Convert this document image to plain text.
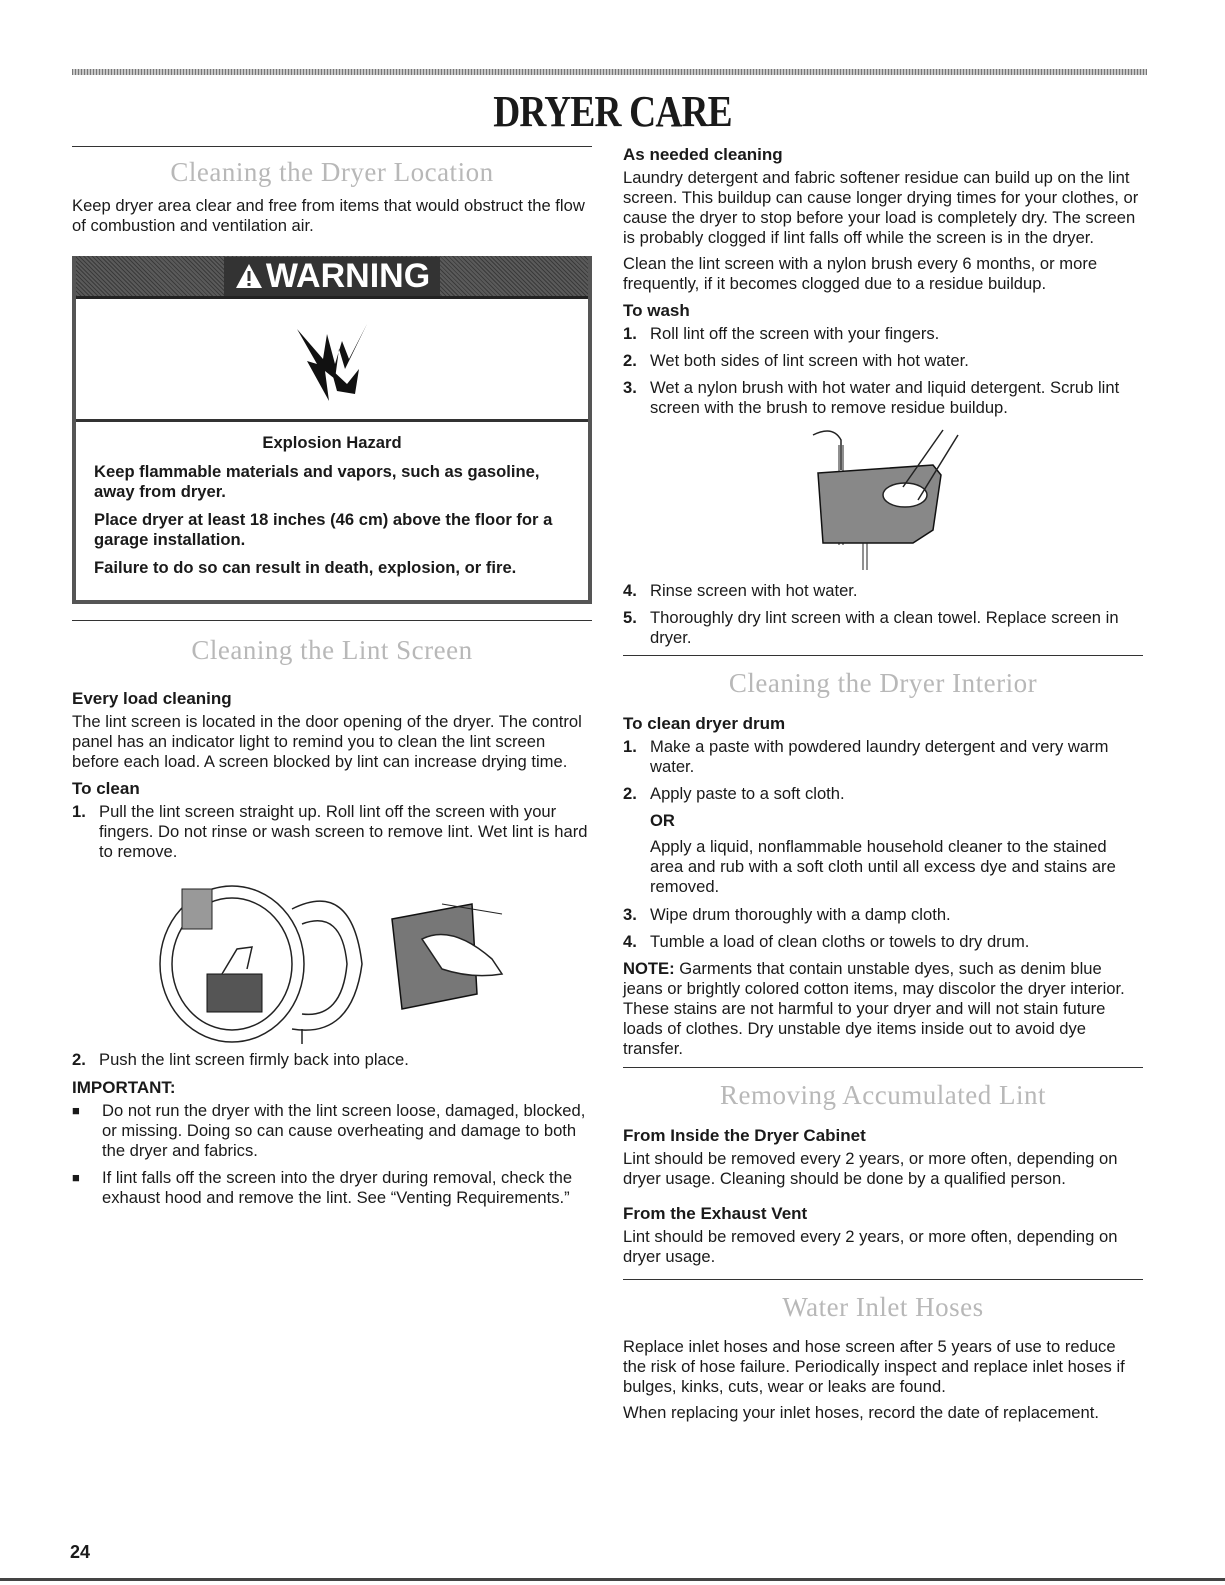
DRYER CARE
Cleaning the Dryer Location

Keep dryer area clear and free from items that would obstruct the flow of combustion and ventilation air.

WARNING
Explosion Hazard

Keep flammable materials and vapors, such as gasoline, away from dryer.

Place dryer at least 18 inches (46 cm) above the floor for a garage installation.

Failure to do so can result in death, explosion, or fire.

Cleaning the Lint Screen
Every load cleaning

The lint screen is located in the door opening of the dryer. The control panel has an indicator light to remind you to clean the lint screen before each load. A screen blocked by lint can increase drying time.

To clean
1. Pull the lint screen straight up. Roll lint off the screen with your fingers. Do not rinse or wash screen to remove lint. Wet lint is hard to remove.
2. Push the lint screen firmly back into place.
IMPORTANT:
■	Do not run the dryer with the lint screen loose, damaged, blocked, or missing. Doing so can cause overheating and damage to both the dryer and fabrics.
■	If lint falls off the screen into the dryer during removal, check the exhaust hood and remove the lint. See “Venting Requirements.”
As needed cleaning

Laundry detergent and fabric softener residue can build up on the lint screen. This buildup can cause longer drying times for your clothes, or cause the dryer to stop before your load is completely dry. The screen is probably clogged if lint falls off while the screen is in the dryer.

Clean the lint screen with a nylon brush every 6 months, or more frequently, if it becomes clogged due to a residue buildup.

To wash
1. Roll lint off the screen with your fingers.
2. Wet both sides of lint screen with hot water.
3. Wet a nylon brush with hot water and liquid detergent. Scrub lint screen with the brush to remove residue buildup.
4. Rinse screen with hot water.
5. Thoroughly dry lint screen with a clean towel. Replace screen in dryer.
Cleaning the Dryer Interior
To clean dryer drum
1. Make a paste with powdered laundry detergent and very warm water.
2. Apply paste to a soft cloth.
OR

Apply a liquid, nonflammable household cleaner to the stained area and rub with a soft cloth until all excess dye and stains are removed.

3. Wipe drum thoroughly with a damp cloth.
4. Tumble a load of clean cloths or towels to dry drum.

NOTE: Garments that contain unstable dyes, such as denim blue jeans or brightly colored cotton items, may discolor the dryer interior. These stains are not harmful to your dryer and will not stain future loads of clothes. Dry unstable dye items inside out to avoid dye transfer.

Removing Accumulated Lint
From Inside the Dryer Cabinet

Lint should be removed every 2 years, or more often, depending on dryer usage. Cleaning should be done by a qualified person.

From the Exhaust Vent

Lint should be removed every 2 years, or more often, depending on dryer usage.

Water Inlet Hoses

Replace inlet hoses and hose screen after 5 years of use to reduce the risk of hose failure. Periodically inspect and replace inlet hoses if bulges, kinks, cuts, wear or leaks are found.

When replacing your inlet hoses, record the date of replacement.

24
